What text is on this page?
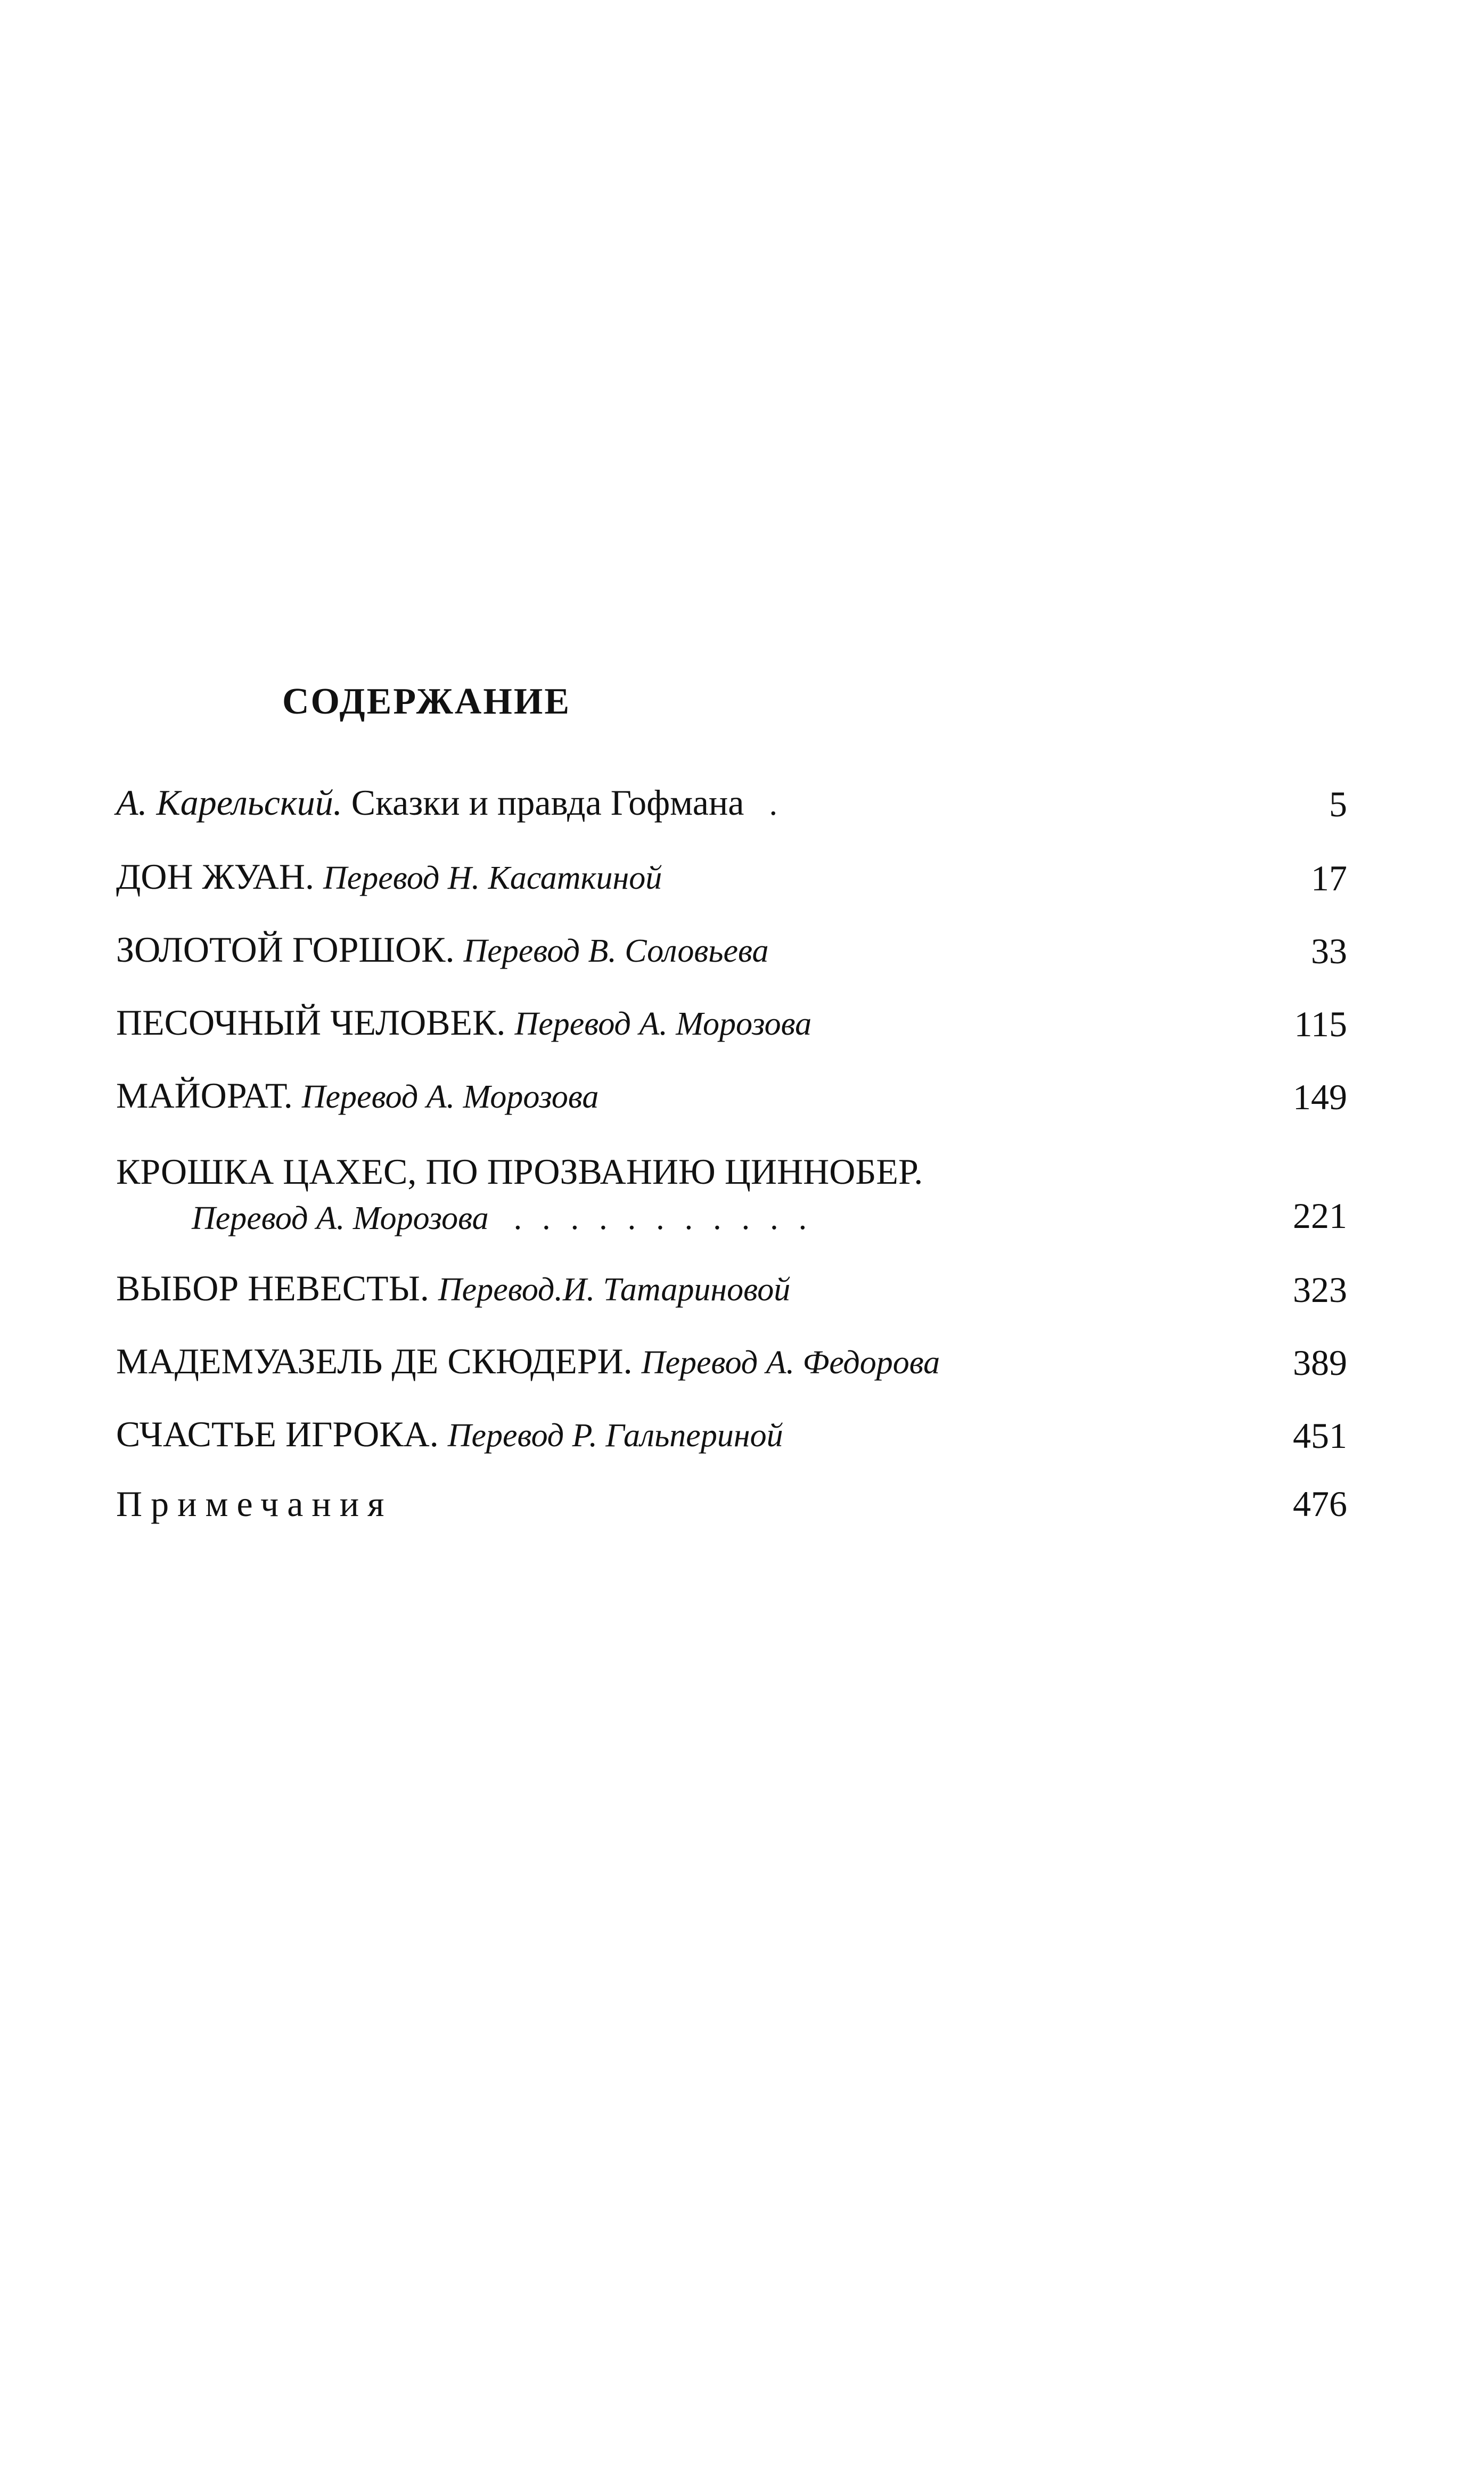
СОДЕРЖАНИЕ
А. Карельский. Сказки и правда Гофмана .	5
ДОН ЖУАН. Перевод Н. Касаткиной	17
ЗОЛОТОЙ ГОРШОК. Перевод В. Соловьева	33
ПЕСОЧНЫЙ ЧЕЛОВЕК. Перевод А. Морозова	115
МАЙОРАТ. Перевод А. Морозова	149
КРОШКА ЦАХЕС, ПО ПРОЗВАНИЮ ЦИННОБЕР.
Перевод А. Морозова ...........	221
ВЫБОР НЕВЕСТЫ. Перевод.И. Татариновой	323
МАДЕМУАЗЕЛЬ ДЕ СКЮДЕРИ. Перевод А. Федорова	389
СЧАСТЬЕ ИГРОКА. Перевод Р. Гальпериной	451
Примечания	476
